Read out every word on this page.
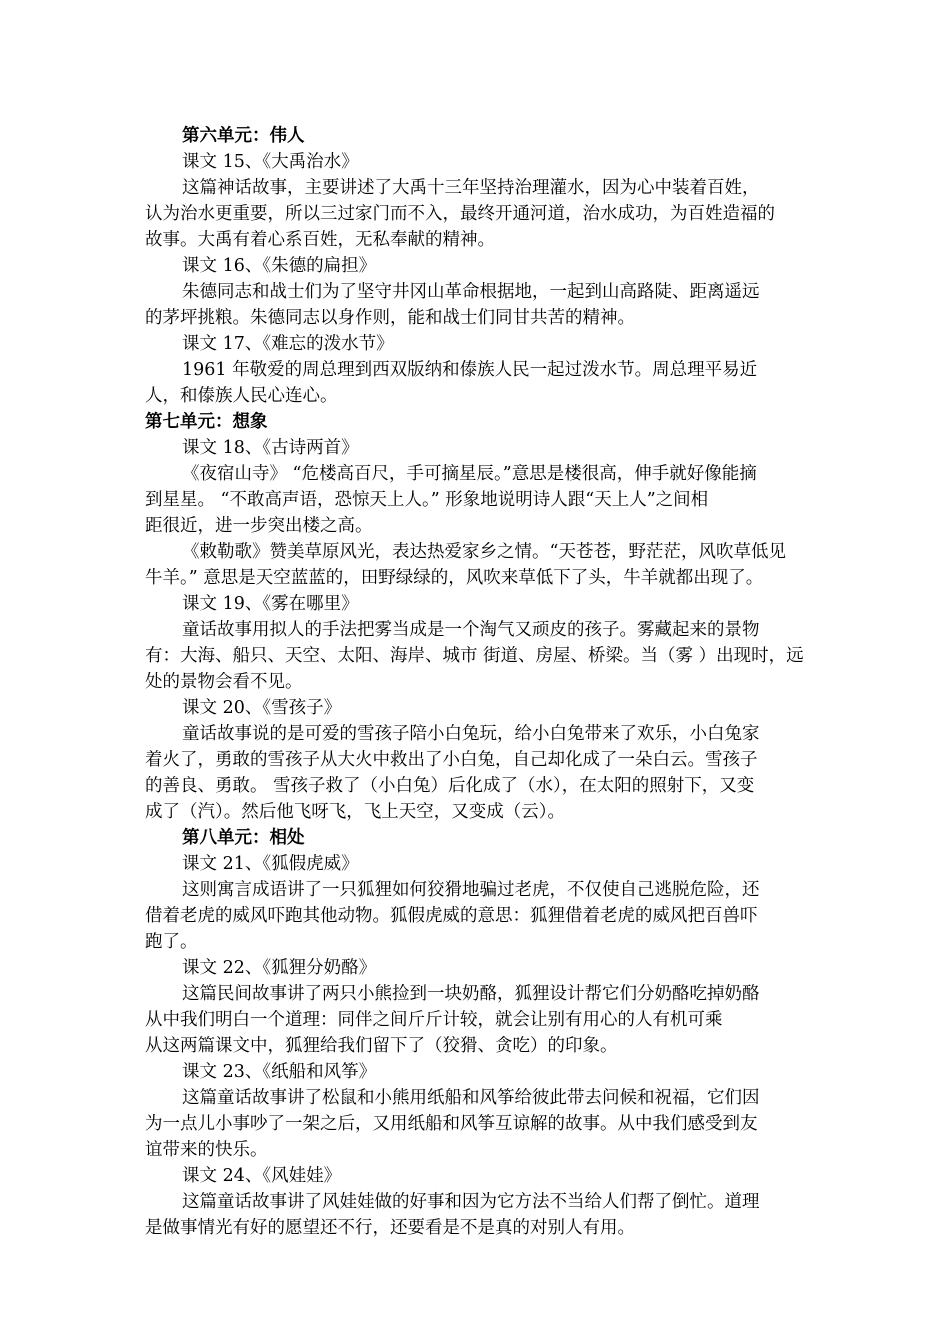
第六单元：伟人
课文 15、《大禹治水》
这篇神话故事，主要讲述了大禹十三年坚持治理灌水，因为心中装着百姓，
认为治水更重要，所以三过家门而不入，最终开通河道，治水成功，为百姓造福的
故事。大禹有着心系百姓，无私奉献的精神。
课文 16、《朱德的扁担》
朱德同志和战士们为了坚守井冈山革命根据地，一起到山高路陡、距离遥远
的茅坪挑粮。朱德同志以身作则，能和战士们同甘共苦的精神。
课文 17、《难忘的泼水节》
1961 年敬爱的周总理到西双版纳和傣族人民一起过泼水节。周总理平易近
人，和傣族人民心连心。
第七单元：想象
课文 18、《古诗两首》
《夜宿山寺》 “危楼高百尺，手可摘星辰。”意思是楼很高，伸手就好像能摘
到星星。 “不敢高声语，恐惊天上人。” 形象地说明诗人跟“天上人”之间相
距很近，进一步突出楼之高。
《敕勒歌》赞美草原风光，表达热爱家乡之情。“天苍苍，野茫茫，风吹草低见
牛羊。” 意思是天空蓝蓝的，田野绿绿的，风吹来草低下了头，牛羊就都出现了。
课文 19、《雾在哪里》
童话故事用拟人的手法把雾当成是一个淘气又顽皮的孩子。雾藏起来的景物
有：大海、船只、天空、太阳、海岸、城市 街道、房屋、桥梁。当（雾 ）出现时，远
处的景物会看不见。
课文 20、《雪孩子》
童话故事说的是可爱的雪孩子陪小白兔玩，给小白兔带来了欢乐，小白兔家
着火了，勇敢的雪孩子从大火中救出了小白兔，自己却化成了一朵白云。雪孩子
的善良、勇敢。 雪孩子救了（小白兔）后化成了（水），在太阳的照射下，又变
成了（汽）。然后他飞呀飞，飞上天空，又变成（云）。
第八单元：相处
课文 21、《狐假虎威》
这则寓言成语讲了一只狐狸如何狡猾地骗过老虎，不仅使自己逃脱危险，还
借着老虎的威风吓跑其他动物。狐假虎威的意思：狐狸借着老虎的威风把百兽吓
跑了。
课文 22、《狐狸分奶酪》
这篇民间故事讲了两只小熊捡到一块奶酪，狐狸设计帮它们分奶酪吃掉奶酪
从中我们明白一个道理：同伴之间斤斤计较，就会让别有用心的人有机可乘
从这两篇课文中，狐狸给我们留下了（狡猾、贪吃）的印象。
课文 23、《纸船和风筝》
这篇童话故事讲了松鼠和小熊用纸船和风筝给彼此带去问候和祝福，它们因
为一点儿小事吵了一架之后，又用纸船和风筝互谅解的故事。从中我们感受到友
谊带来的快乐。
课文 24、《风娃娃》
这篇童话故事讲了风娃娃做的好事和因为它方法不当给人们帮了倒忙。道理
是做事情光有好的愿望还不行，还要看是不是真的对别人有用。
